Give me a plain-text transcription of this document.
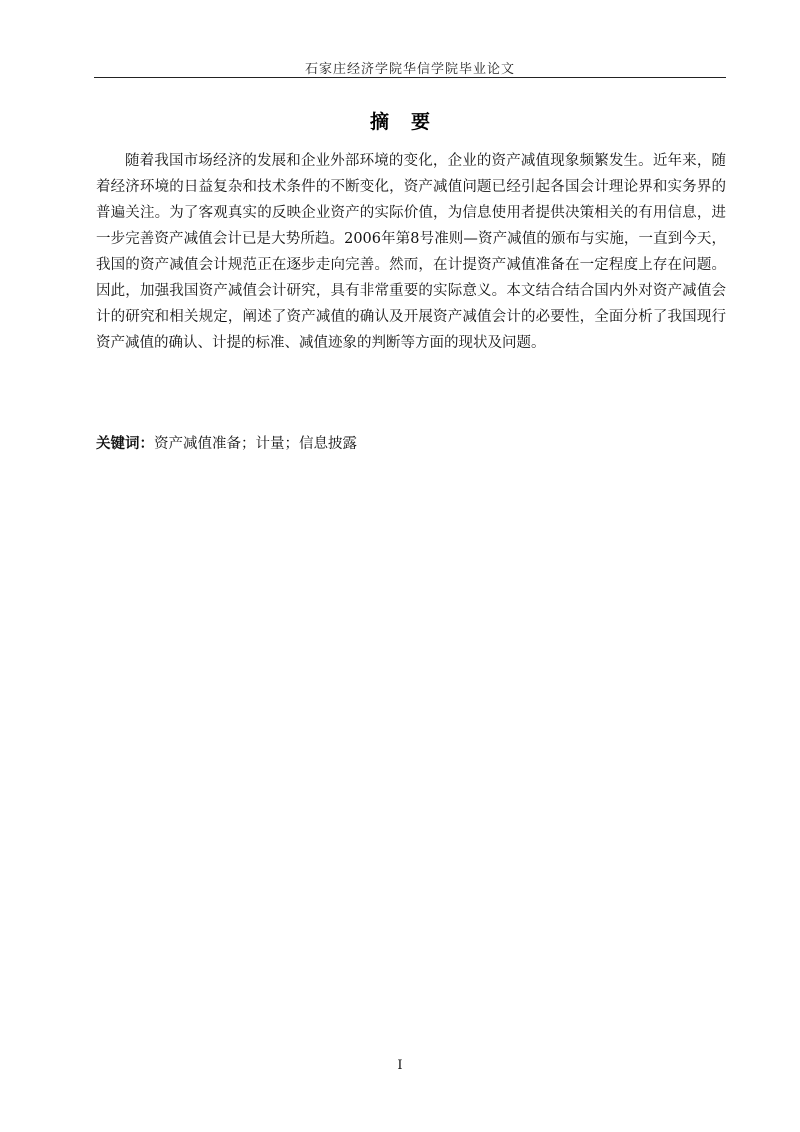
石家庄经济学院华信学院毕业论文
摘要

随着我国市场经济的发展和企业外部环境的变化，企业的资产减值现象频繁发生。近年来，随着经济环境的日益复杂和技术条件的不断变化，资产减值问题已经引起各国会计理论界和实务界的普遍关注。为了客观真实的反映企业资产的实际价值，为信息使用者提供决策相关的有用信息，进一步完善资产减值会计已是大势所趋。2006年第8号准则—资产减值的颁布与实施，一直到今天，我国的资产减值会计规范正在逐步走向完善。然而，在计提资产减值准备在一定程度上存在问题。因此，加强我国资产减值会计研究，具有非常重要的实际意义。本文结合结合国内外对资产减值会计的研究和相关规定，阐述了资产减值的确认及开展资产减值会计的必要性，全面分析了我国现行资产减值的确认、计提的标准、减值迹象的判断等方面的现状及问题。

关键词：资产减值准备；计量；信息披露
I
